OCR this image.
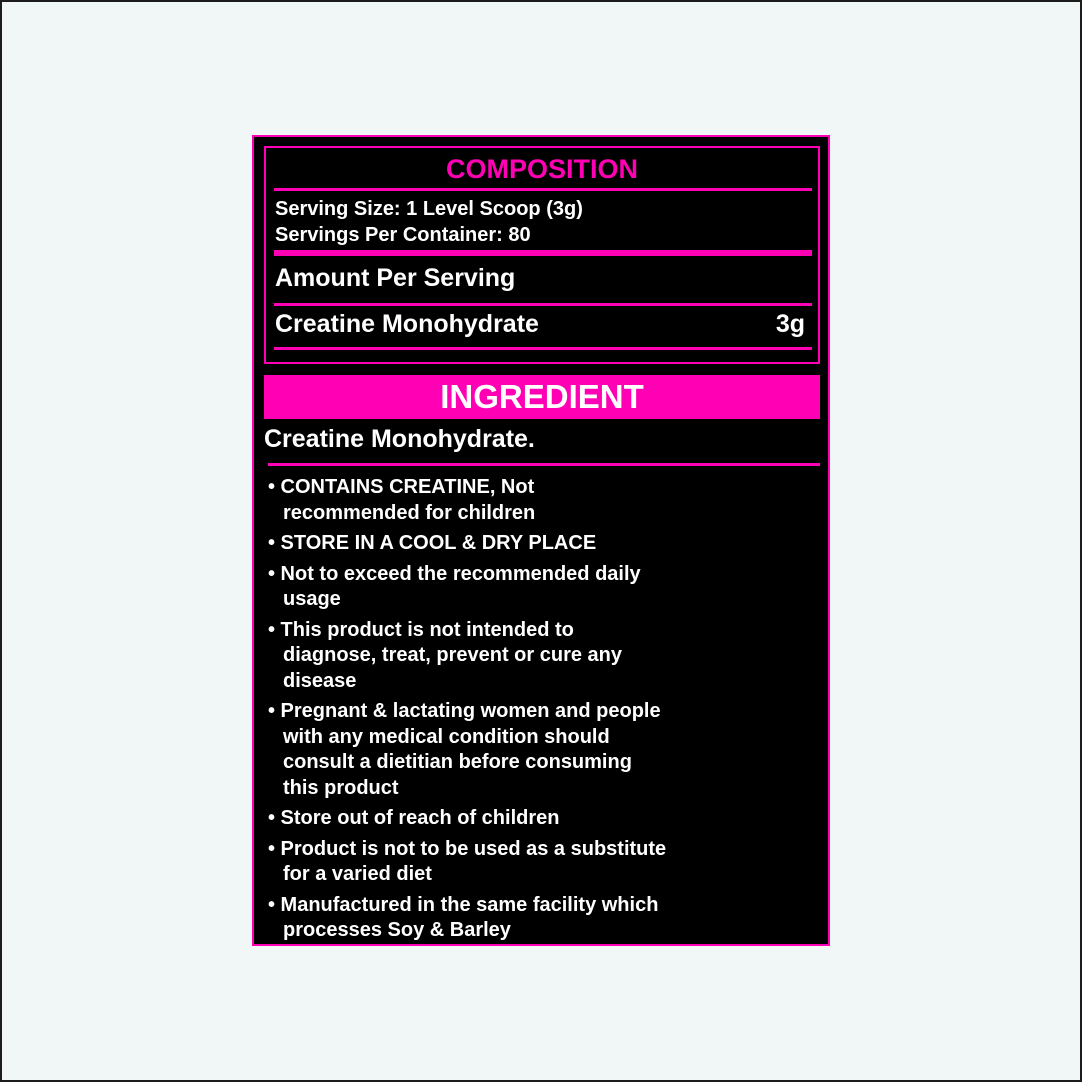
COMPOSITION
Serving Size: 1 Level Scoop (3g)
Servings Per Container: 80
Amount Per Serving
Creatine Monohydrate	3g
INGREDIENT
Creatine Monohydrate.
• CONTAINS CREATINE, Not
recommended for children
• STORE IN A COOL & DRY PLACE
• Not to exceed the recommended daily
usage
• This product is not intended to
diagnose, treat, prevent or cure any
disease
• Pregnant & lactating women and people
with any medical condition should
consult a dietitian before consuming
this product
• Store out of reach of children
• Product is not to be used as a substitute
for a varied diet
• Manufactured in the same facility which
processes Soy & Barley
